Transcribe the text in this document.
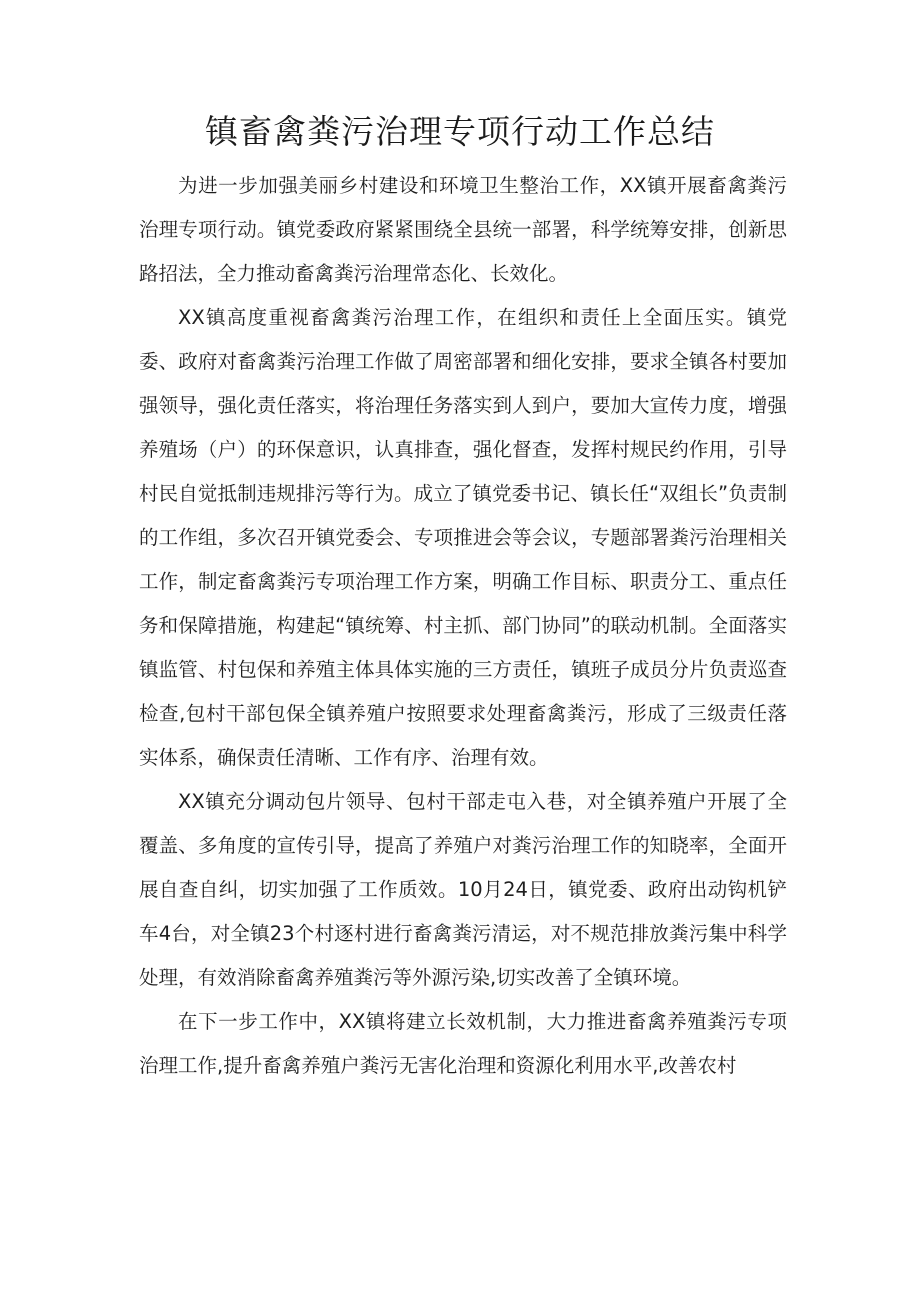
镇畜禽粪污治理专项行动工作总结

为进一步加强美丽乡村建设和环境卫生整治工作，XX镇开展畜禽粪污治理专项行动。镇党委政府紧紧围绕全县统一部署，科学统筹安排，创新思路招法，全力推动畜禽粪污治理常态化、长效化。

XX镇高度重视畜禽粪污治理工作，在组织和责任上全面压实。镇党委、政府对畜禽粪污治理工作做了周密部署和细化安排，要求全镇各村要加强领导，强化责任落实，将治理任务落实到人到户，要加大宣传力度，增强养殖场（户）的环保意识，认真排查，强化督查，发挥村规民约作用，引导村民自觉抵制违规排污等行为。成立了镇党委书记、镇长任“双组长”负责制的工作组，多次召开镇党委会、专项推进会等会议，专题部署粪污治理相关工作，制定畜禽粪污专项治理工作方案，明确工作目标、职责分工、重点任务和保障措施，构建起“镇统筹、村主抓、部门协同”的联动机制。全面落实镇监管、村包保和养殖主体具体实施的三方责任，镇班子成员分片负责巡查检查,包村干部包保全镇养殖户按照要求处理畜禽粪污，形成了三级责任落实体系，确保责任清晰、工作有序、治理有效。

XX镇充分调动包片领导、包村干部走屯入巷，对全镇养殖户开展了全覆盖、多角度的宣传引导，提高了养殖户对粪污治理工作的知晓率，全面开展自查自纠，切实加强了工作质效。10月24日，镇党委、政府出动钩机铲车4台，对全镇23个村逐村进行畜禽粪污清运，对不规范排放粪污集中科学处理，有效消除畜禽养殖粪污等外源污染,切实改善了全镇环境。

在下一步工作中，XX镇将建立长效机制，大力推进畜禽养殖粪污专项治理工作,提升畜禽养殖户粪污无害化治理和资源化利用水平,改善农村
